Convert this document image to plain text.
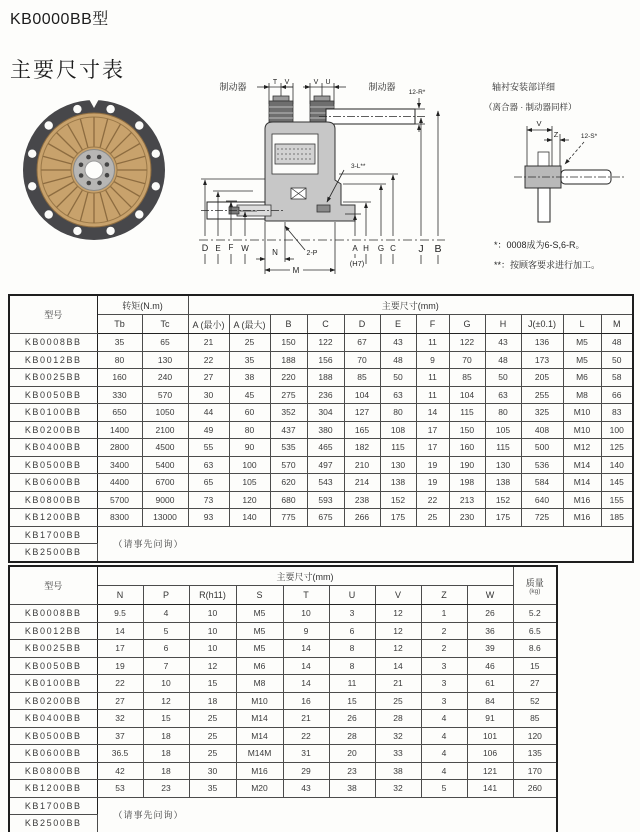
KB0000BB型
主要尺寸表
制动器	T V	V U	制动器
12-R*
3-L**
D E F W	N
M
2-P
A H G C J B
(H7)
轴衬安装部详细
（离合器 · 制动器同样）
V
Z	12-S*
*：0008成为6-S,6-R。
**：按顾客要求进行加工。
型号	转矩(N.m)		主要尺寸(mm)											
	Tb	Tc	A (最小)	A (最大)	B	C	D	E	F	G	H	J(±0.1)	L	M
KB0008BB	35	65	21	25	150	122	67	43	11	122	43	136	M5	48
KB0012BB	80	130	22	35	188	156	70	48	9	70	48	173	M5	50
KB0025BB	160	240	27	38	220	188	85	50	11	85	50	205	M6	58
KB0050BB	330	570	30	45	275	236	104	63	11	104	63	255	M8	66
KB0100BB	650	1050	44	60	352	304	127	80	14	115	80	325	M10	83
KB0200BB	1400	2100	49	80	437	380	165	108	17	150	105	408	M10	100
KB0400BB	2800	4500	55	90	535	465	182	115	17	160	115	500	M12	125
KB0500BB	3400	5400	63	100	570	497	210	130	19	190	130	536	M14	140
KB0600BB	4400	6700	65	105	620	543	214	138	19	198	138	584	M14	145
KB0800BB	5700	9000	73	120	680	593	238	152	22	213	152	640	M16	155
KB1200BB	8300	13000	93	140	775	675	266	175	25	230	175	725	M16	185
KB1700BB	（请事先问询）													
KB2500BB														
型号	主要尺寸(mm)									质量
(kg)

	N	P	R(h11)	S	T	U	V	Z	W	
KB0008BB	9.5	4	10	M5	10	3	12	1	26	5.2
KB0012BB	14	5	10	M5	9	6	12	2	36	6.5
KB0025BB	17	6	10	M5	14	8	12	2	39	8.6
KB0050BB	19	7	12	M6	14	8	14	3	46	15
KB0100BB	22	10	15	M8	14	11	21	3	61	27
KB0200BB	27	12	18	M10	16	15	25	3	84	52
KB0400BB	32	15	25	M14	21	26	28	4	91	85
KB0500BB	37	18	25	M14	22	28	32	4	101	120
KB0600BB	36.5	18	25	M14M	31	20	33	4	106	135
KB0800BB	42	18	30	M16	29	23	38	4	121	170
KB1200BB	53	23	35	M20	43	38	32	5	141	260
KB1700BB	（请事先问询）									
KB2500BB										
